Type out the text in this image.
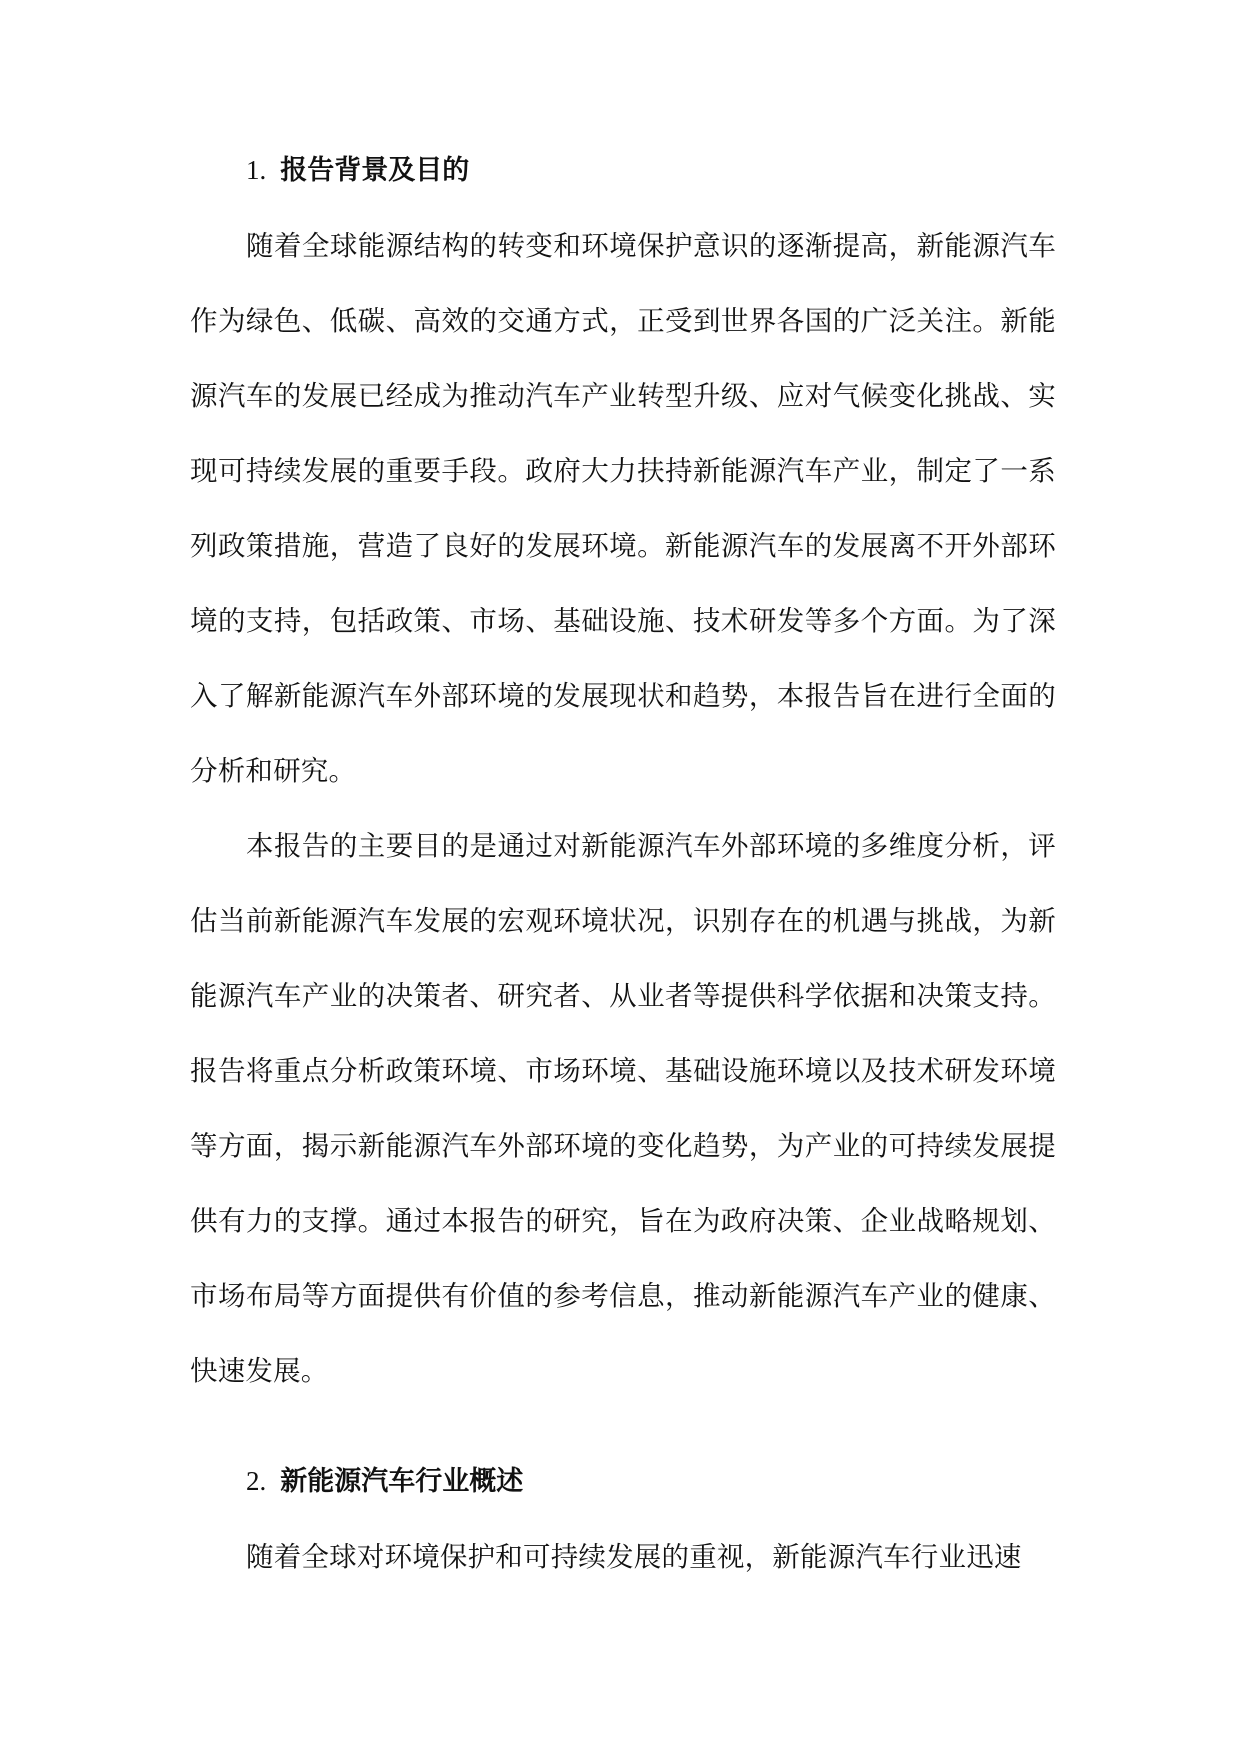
1. 报告背景及目的

随着全球能源结构的转变和环境保护意识的逐渐提高，新能源汽车作为绿色、低碳、高效的交通方式，正受到世界各国的广泛关注。新能源汽车的发展已经成为推动汽车产业转型升级、应对气候变化挑战、实现可持续发展的重要手段。政府大力扶持新能源汽车产业，制定了一系列政策措施，营造了良好的发展环境。新能源汽车的发展离不开外部环境的支持，包括政策、市场、基础设施、技术研发等多个方面。为了深入了解新能源汽车外部环境的发展现状和趋势，本报告旨在进行全面的分析和研究。

本报告的主要目的是通过对新能源汽车外部环境的多维度分析，评估当前新能源汽车发展的宏观环境状况，识别存在的机遇与挑战，为新能源汽车产业的决策者、研究者、从业者等提供科学依据和决策支持。报告将重点分析政策环境、市场环境、基础设施环境以及技术研发环境等方面，揭示新能源汽车外部环境的变化趋势，为产业的可持续发展提供有力的支撑。通过本报告的研究，旨在为政府决策、企业战略规划、市场布局等方面提供有价值的参考信息，推动新能源汽车产业的健康、快速发展。

2. 新能源汽车行业概述

随着全球对环境保护和可持续发展的重视，新能源汽车行业迅速
